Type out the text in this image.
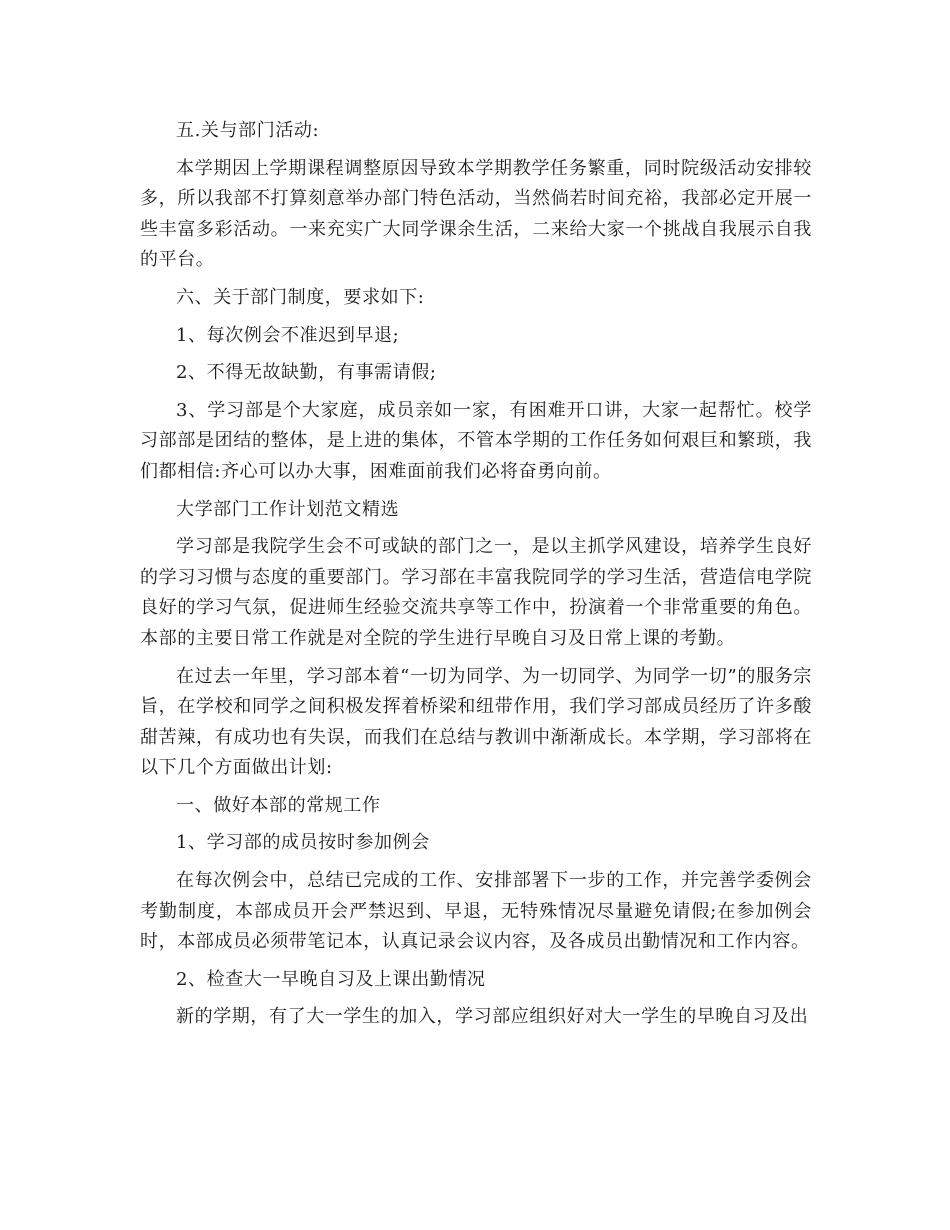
五.关与部门活动:

本学期因上学期课程调整原因导致本学期教学任务繁重，同时院级活动安排较多，所以我部不打算刻意举办部门特色活动，当然倘若时间充裕，我部必定开展一些丰富多彩活动。一来充实广大同学课余生活，二来给大家一个挑战自我展示自我的平台。

六、关于部门制度，要求如下:

1、每次例会不准迟到早退;

2、不得无故缺勤，有事需请假;

3、学习部是个大家庭，成员亲如一家，有困难开口讲，大家一起帮忙。校学习部部是团结的整体，是上进的集体，不管本学期的工作任务如何艰巨和繁琐，我们都相信:齐心可以办大事，困难面前我们必将奋勇向前。

大学部门工作计划范文精选

学习部是我院学生会不可或缺的部门之一，是以主抓学风建设，培养学生良好的学习习惯与态度的重要部门。学习部在丰富我院同学的学习生活，营造信电学院良好的学习气氛，促进师生经验交流共享等工作中，扮演着一个非常重要的角色。本部的主要日常工作就是对全院的学生进行早晚自习及日常上课的考勤。

在过去一年里，学习部本着“一切为同学、为一切同学、为同学一切”的服务宗旨，在学校和同学之间积极发挥着桥梁和纽带作用，我们学习部成员经历了许多酸甜苦辣，有成功也有失误，而我们在总结与教训中渐渐成长。本学期，学习部将在以下几个方面做出计划:

一、做好本部的常规工作

1、学习部的成员按时参加例会

在每次例会中，总结已完成的工作、安排部署下一步的工作，并完善学委例会考勤制度，本部成员开会严禁迟到、早退，无特殊情况尽量避免请假;在参加例会时，本部成员必须带笔记本，认真记录会议内容，及各成员出勤情况和工作内容。

2、检查大一早晚自习及上课出勤情况

新的学期，有了大一学生的加入，学习部应组织好对大一学生的早晚自习及出
